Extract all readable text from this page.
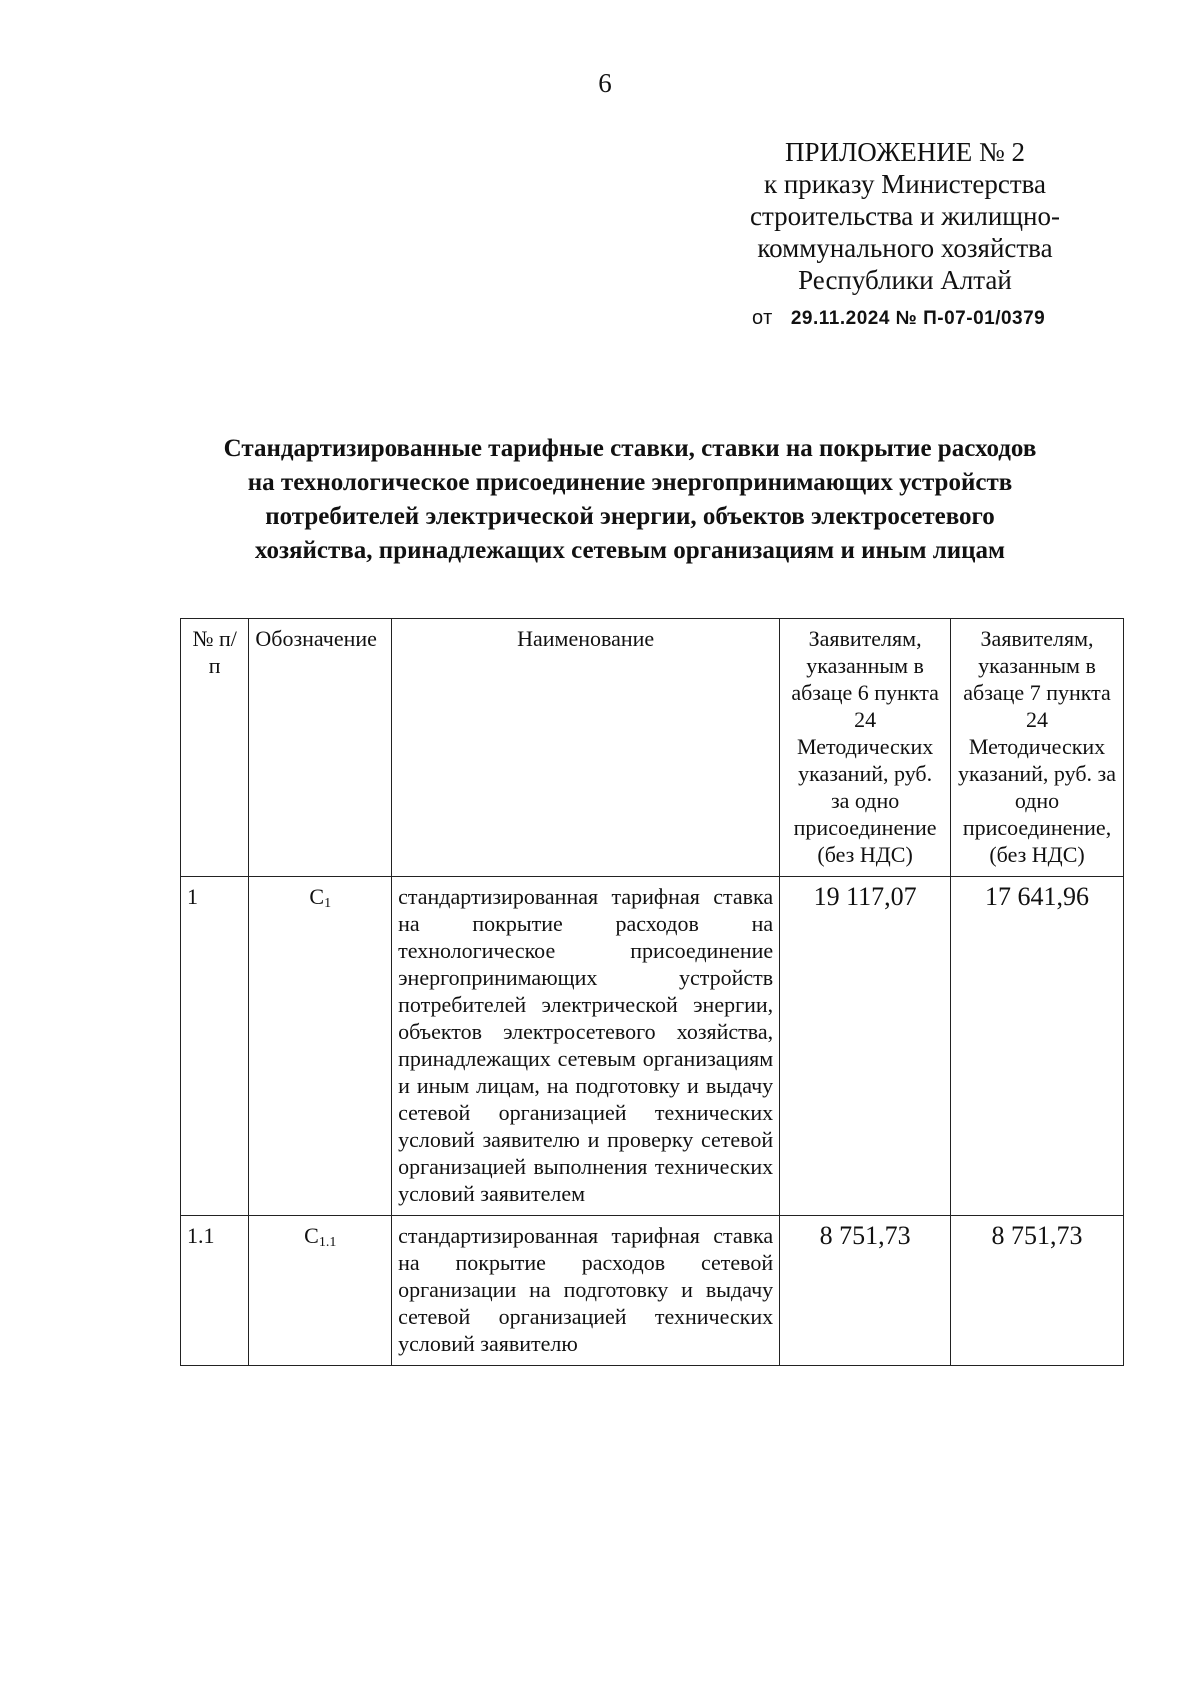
6
ПРИЛОЖЕНИЕ № 2
к приказу Министерства
строительства и жилищно-
коммунального хозяйства
Республики Алтай
от 29.11.2024 № П-07-01/0379
Стандартизированные тарифные ставки, ставки на покрытие расходов
на технологическое присоединение энергопринимающих устройств
потребителей электрической энергии, объектов электросетевого
хозяйства, принадлежащих сетевым организациям и иным лицам
№ п/п	Обозначение	Наименование	Заявителям, указанным в абзаце 6 пункта 24 Методических указаний, руб. за одно присоединение (без НДС)	Заявителям, указанным в абзаце 7 пункта 24 Методических указаний, руб. за одно присоединение, (без НДС)
1	$C_1$	стандартизированная тарифная ставка на покрытие расходов на технологическое присоединение энергопринимающих устройств потребителей электрической энергии, объектов электросетевого хозяйства, принадлежащих сетевым организациям и иным лицам, на подготовку и выдачу сетевой организацией технических условий заявителю и проверку сетевой организацией выполнения технических условий заявителем	19 117,07	17 641,96
1.1	$C_{1.1}$	стандартизированная тарифная ставка на покрытие расходов сетевой организации на подготовку и выдачу сетевой организацией технических условий заявителю	8 751,73	8 751,73
